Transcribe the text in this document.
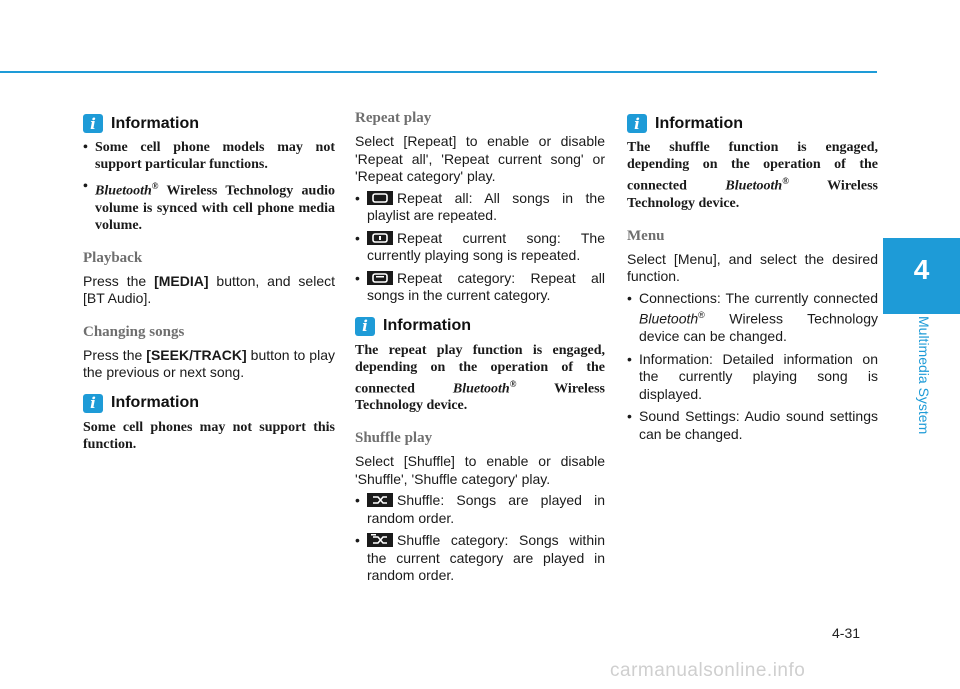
4
Multimedia System
i Information
• Some cell phone models may not support particular functions.
• Bluetooth® Wireless Technology audio volume is synced with cell phone media volume.
Playback
Press the [MEDIA] button, and select [BT Audio].
Changing songs
Press the [SEEK/TRACK] button to play the previous or next song.
i Information
Some cell phones may not support this function.
Repeat play
Select [Repeat] to enable or disable 'Repeat all', 'Repeat current song' or 'Repeat category' play.
• Repeat all: All songs in the playlist are repeated.
• Repeat current song: The currently playing song is repeated.
• Repeat category: Repeat all songs in the current category.
i Information
The repeat play function is engaged, depending on the operation of the connected Bluetooth® Wireless Technology device.
Shuffle play
Select [Shuffle] to enable or disable 'Shuffle', 'Shuffle category' play.
• Shuffle: Songs are played in random order.
• Shuffle category: Songs within the current category are played in random order.
i Information
The shuffle function is engaged, depending on the operation of the connected Bluetooth® Wireless Technology device.
Menu
Select [Menu], and select the desired function.
• Connections: The currently connected Bluetooth® Wireless Technology device can be changed.
• Information: Detailed information on the currently playing song is displayed.
• Sound Settings: Audio sound settings can be changed.
4-31
carmanualsonline.info
